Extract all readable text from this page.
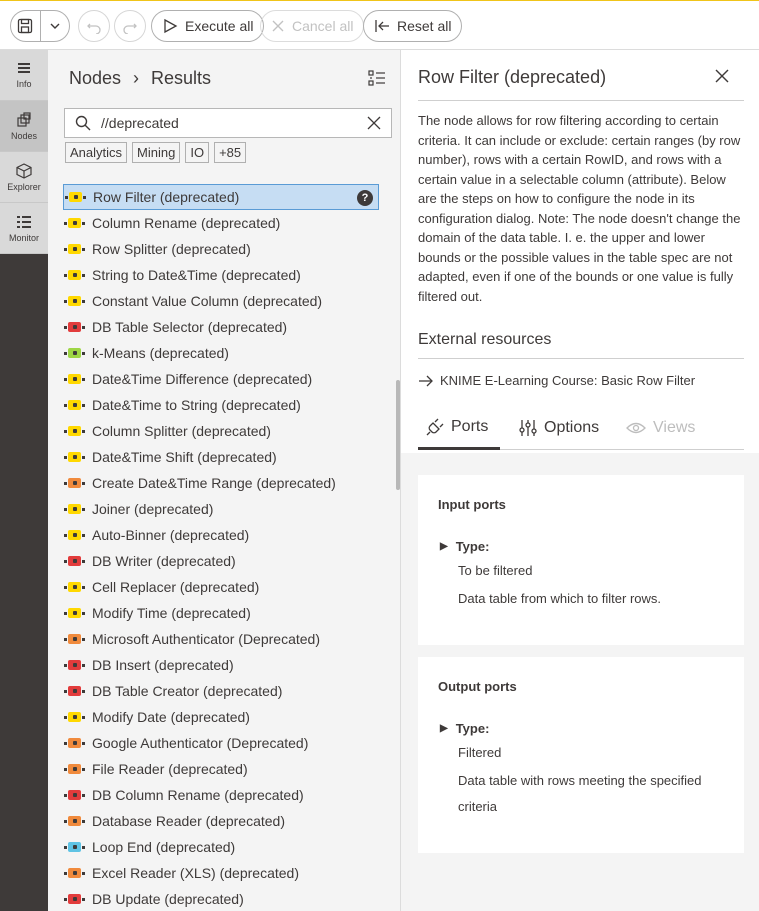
Execute all	Cancel all	Reset all
Info
Nodes
Explorer
Monitor
Nodes › Results
//deprecated
Analytics	Mining	IO	+85
Row Filter (deprecated)	?
Column Rename (deprecated)
Row Splitter (deprecated)
String to Date&Time (deprecated)
Constant Value Column (deprecated)
DB Table Selector (deprecated)
k-Means (deprecated)
Date&Time Difference (deprecated)
Date&Time to String (deprecated)
Column Splitter (deprecated)
Date&Time Shift (deprecated)
Create Date&Time Range (deprecated)
Joiner (deprecated)
Auto-Binner (deprecated)
DB Writer (deprecated)
Cell Replacer (deprecated)
Modify Time (deprecated)
Microsoft Authenticator (Deprecated)
DB Insert (deprecated)
DB Table Creator (deprecated)
Modify Date (deprecated)
Google Authenticator (Deprecated)
File Reader (deprecated)
DB Column Rename (deprecated)
Database Reader (deprecated)
Loop End (deprecated)
Excel Reader (XLS) (deprecated)
DB Update (deprecated)
Row Filter (deprecated)
The node allows for row filtering according to certain criteria. It can include or exclude: certain ranges (by row number), rows with a certain RowID, and rows with a certain value in a selectable column (attribute). Below are the steps on how to configure the node in its configuration dialog. Note: The node doesn't change the domain of the data table. I. e. the upper and lower bounds or the possible values in the table spec are not adapted, even if one of the bounds or one value is fully filtered out.
External resources
KNIME E-Learning Course: Basic Row Filter
Ports	Options	Views
Input ports
▶ Type:
To be filtered
Data table from which to filter rows.
Output ports
▶ Type:
Filtered
Data table with rows meeting the specified criteria
